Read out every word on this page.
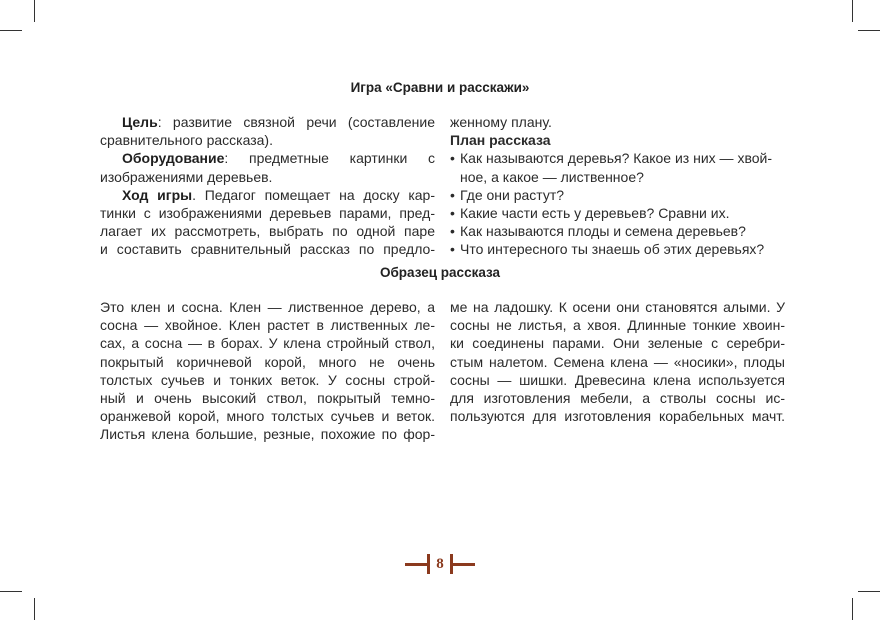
Игра «Сравни и расскажи»
Цель: развитие связной речи (составление
сравнительного рассказа).
Оборудование: предметные картинки с
изображениями деревьев.
Ход игры. Педагог помещает на доску кар-
тинки с изображениями деревьев парами, пред-
лагает их рассмотреть, выбрать по одной паре
и составить сравнительный рассказ по предло-
женному плану.
План рассказа
• Как называются деревья? Какое из них — хвой-
ное, а какое — лиственное?
• Где они растут?
• Какие части есть у деревьев? Сравни их.
• Как называются плоды и семена деревьев?
• Что интересного ты знаешь об этих деревьях?
Образец рассказа
Это клен и сосна. Клен — лиственное дерево, а
сосна — хвойное. Клен растет в лиственных ле-
сах, а сосна — в борах. У клена стройный ствол,
покрытый коричневой корой, много не очень
толстых сучьев и тонких веток. У сосны строй-
ный и очень высокий ствол, покрытый темно-
оранжевой корой, много толстых сучьев и веток.
Листья клена большие, резные, похожие по фор-
ме на ладошку. К осени они становятся алыми. У
сосны не листья, а хвоя. Длинные тонкие хвоин-
ки соединены парами. Они зеленые с серебри-
стым налетом. Семена клена — «носики», плоды
сосны — шишки. Древесина клена используется
для изготовления мебели, а стволы сосны ис-
пользуются для изготовления корабельных мачт.
8
